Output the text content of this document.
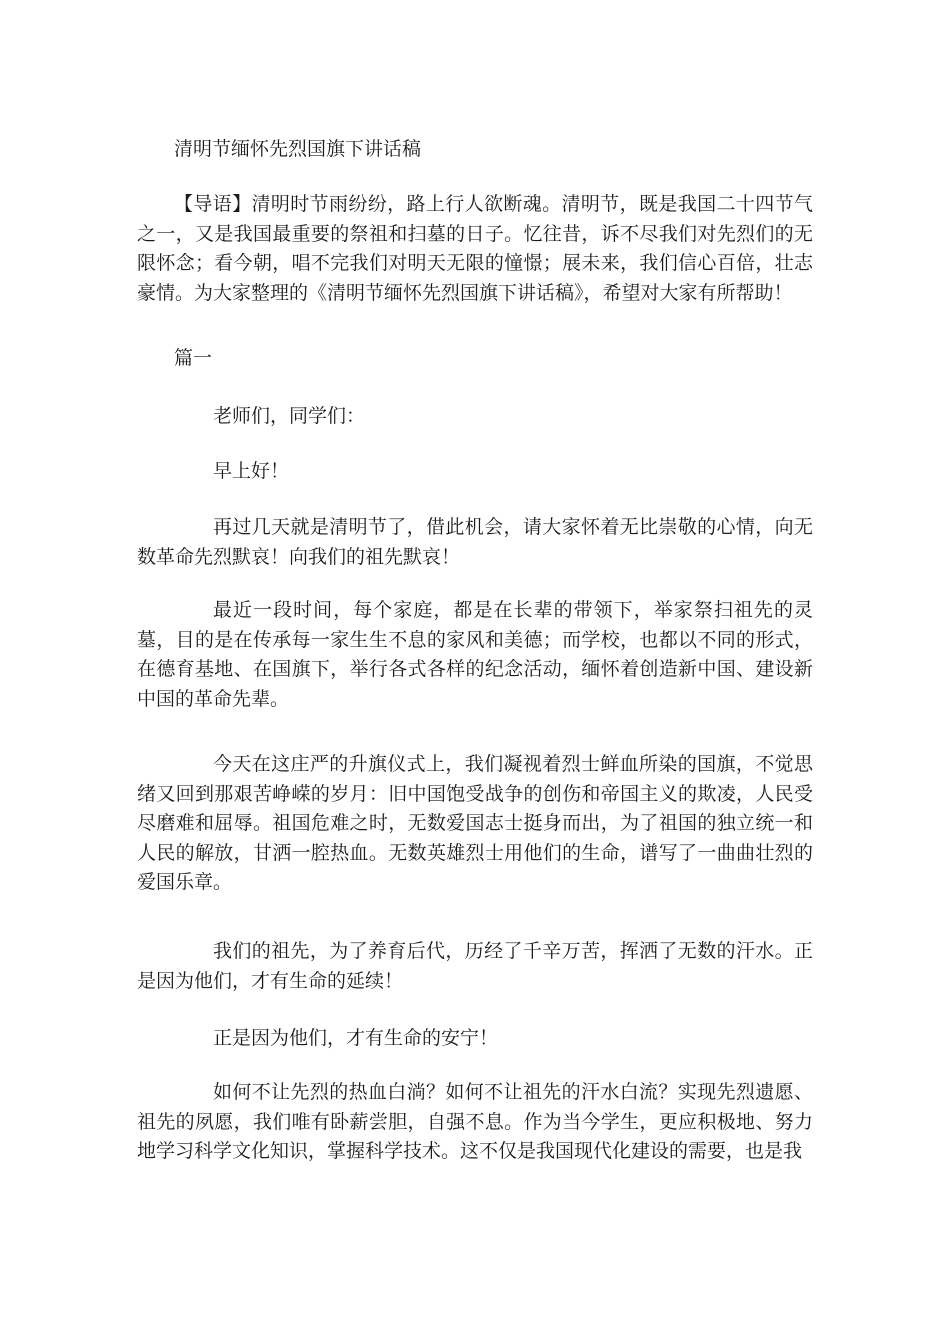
清明节缅怀先烈国旗下讲话稿

【导语】清明时节雨纷纷，路上行人欲断魂。清明节，既是我国二十四节气之一，又是我国最重要的祭祖和扫墓的日子。忆往昔，诉不尽我们对先烈们的无限怀念；看今朝，唱不完我们对明天无限的憧憬；展未来，我们信心百倍，壮志豪情。为大家整理的《清明节缅怀先烈国旗下讲话稿》，希望对大家有所帮助！

篇一

老师们，同学们：

早上好！

再过几天就是清明节了，借此机会，请大家怀着无比崇敬的心情，向无数革命先烈默哀！向我们的祖先默哀！

最近一段时间，每个家庭，都是在长辈的带领下，举家祭扫祖先的灵墓，目的是在传承每一家生生不息的家风和美德；而学校，也都以不同的形式，在德育基地、在国旗下，举行各式各样的纪念活动，缅怀着创造新中国、建设新中国的革命先辈。

今天在这庄严的升旗仪式上，我们凝视着烈士鲜血所染的国旗，不觉思绪又回到那艰苦峥嵘的岁月：旧中国饱受战争的创伤和帝国主义的欺凌，人民受尽磨难和屈辱。祖国危难之时，无数爱国志士挺身而出，为了祖国的独立统一和人民的解放，甘洒一腔热血。无数英雄烈士用他们的生命，谱写了一曲曲壮烈的爱国乐章。

我们的祖先，为了养育后代，历经了千辛万苦，挥洒了无数的汗水。正是因为他们，才有生命的延续！

正是因为他们，才有生命的安宁！

如何不让先烈的热血白淌？如何不让祖先的汗水白流？实现先烈遗愿、祖先的夙愿，我们唯有卧薪尝胆，自强不息。作为当今学生，更应积极地、努力地学习科学文化知识，掌握科学技术。这不仅是我国现代化建设的需要，也是我
